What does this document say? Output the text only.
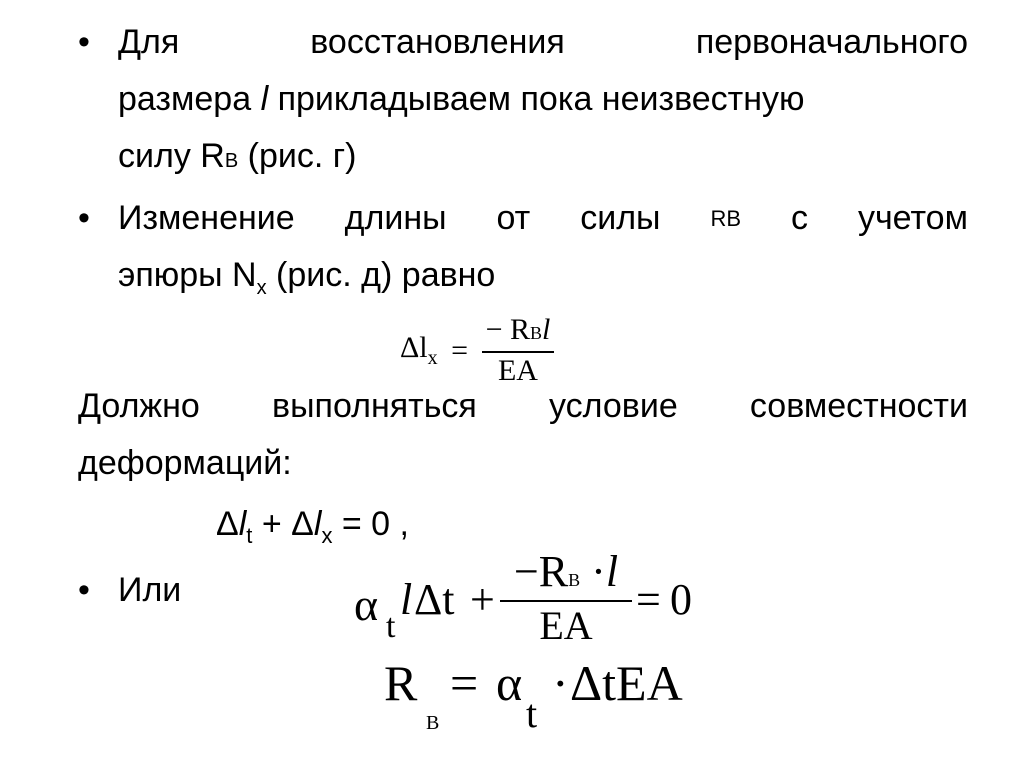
• Для	восстановления	первоначального
размера l прикладываем пока неизвестную
силу RВ (рис. г)
• Изменение длины от силы RВ с учетом
эпюры $N_x$ (рис. д) равно
$\Delta l_x = \frac{\text{− RВl}}{EA}$
Должно выполняться условие совместности
деформаций:
$\Delta l_t + \Delta l_x = 0$ ,
• Или	α t
l Δt +
−RВ ·l
EA
= 0
R
В
= α
t
· ΔtEA
